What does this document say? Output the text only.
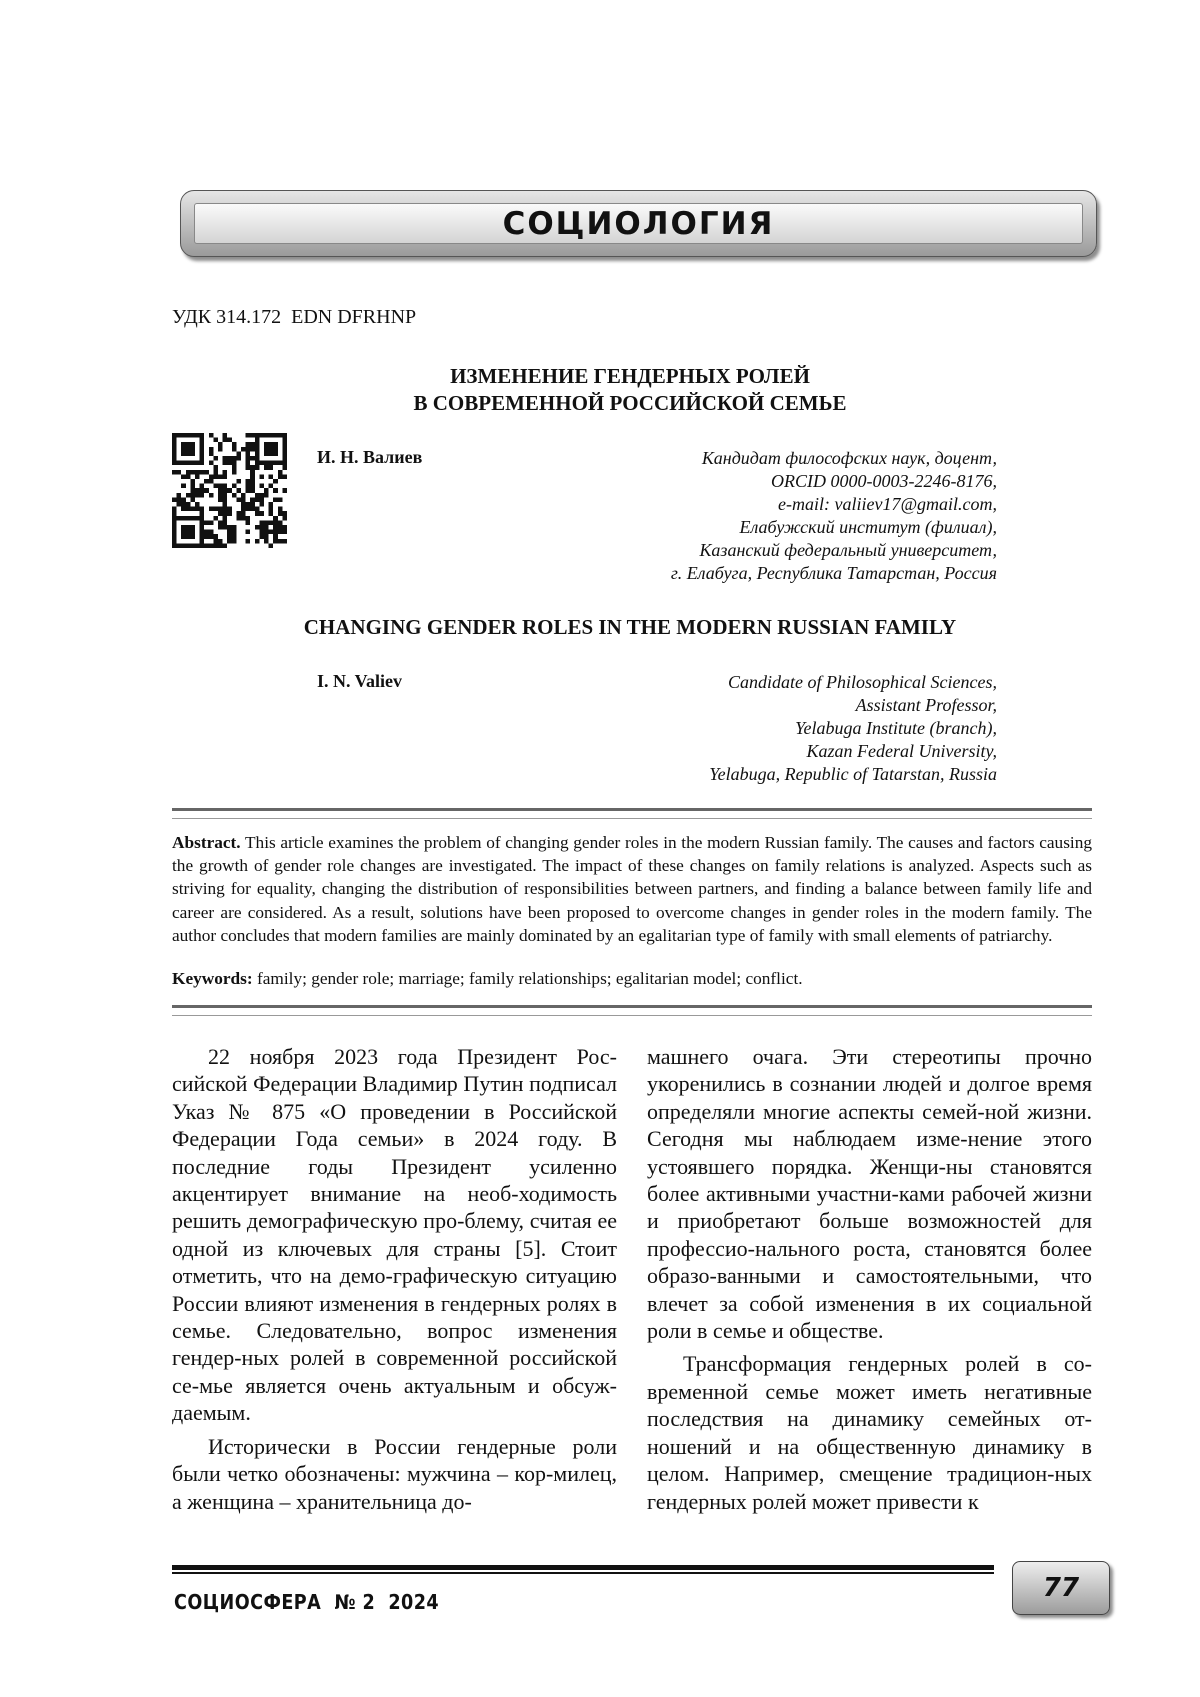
СОЦИОЛОГИЯ
УДК 314.172  EDN DFRHNP
ИЗМЕНЕНИЕ ГЕНДЕРНЫХ РОЛЕЙ
В СОВРЕМЕННОЙ РОССИЙСКОЙ СЕМЬЕ
И. Н. Валиев	Кандидат философских наук, доцент,
ORCID 0000-0003-2246-8176,
e-mail: valiiev17@gmail.com,
Елабужский институт (филиал),
Казанский федеральный университет,
г. Елабуга, Республика Татарстан, Россия
CHANGING GENDER ROLES IN THE MODERN RUSSIAN FAMILY
I. N. Valiev	Candidate of Philosophical Sciences,
Assistant Professor,
Yelabuga Institute (branch),
Kazan Federal University,
Yelabuga, Republic of Tatarstan, Russia

Abstract. This article examines the problem of changing gender roles in the modern Russian family. The causes and factors causing the growth of gender role changes are investigated. The impact of these changes on family relations is analyzed. Aspects such as striving for equality, changing the distribution of responsibilities between partners, and finding a balance between family life and career are considered. As a result, solutions have been proposed to overcome changes in gender roles in the modern family. The author concludes that modern families are mainly dominated by an egalitarian type of family with small elements of patriarchy.

Keywords: family; gender role; marriage; family relationships; egalitarian model; conflict.

22 ноября 2023 года Президент Рос-сийской Федерации Владимир Путин подписал Указ № 875 «О проведении в Российской Федерации Года семьи» в 2024 году. В последние годы Президент усиленно акцентирует внимание на необ-ходимость решить демографическую про-блему, считая ее одной из ключевых для страны [5]. Стоит отметить, что на демо-графическую ситуацию России влияют изменения в гендерных ролях в семье. Следовательно, вопрос изменения гендер-ных ролей в современной российской се-мье является очень актуальным и обсуж-даемым.

Исторически в России гендерные роли были четко обозначены: мужчина – кор-милец, а женщина – хранительница до-

машнего очага. Эти стереотипы прочно укоренились в сознании людей и долгое время определяли многие аспекты семей-ной жизни. Сегодня мы наблюдаем изме-нение этого устоявшего порядка. Женщи-ны становятся более активными участни-ками рабочей жизни и приобретают больше возможностей для профессио-нального роста, становятся более образо-ванными и самостоятельными, что влечет за собой изменения в их социальной роли в семье и обществе.

Трансформация гендерных ролей в со-временной семье может иметь негативные последствия на динамику семейных от-ношений и на общественную динамику в целом. Например, смещение традицион-ных гендерных ролей может привести к

СОЦИОСФЕРА  № 2  2024	77
